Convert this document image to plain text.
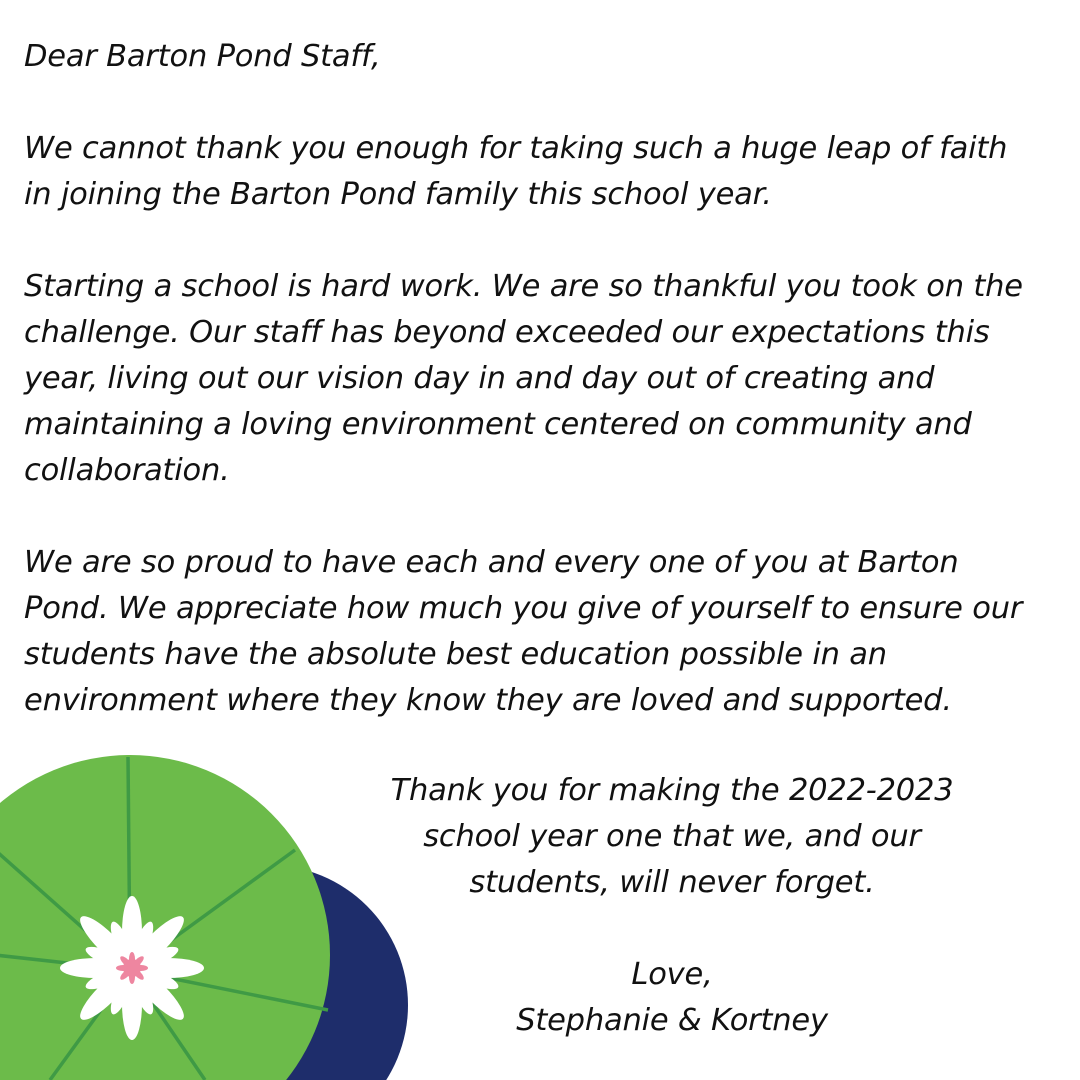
Dear Barton Pond Staff,

We cannot thank you enough for taking such a huge leap of faith
in joining the Barton Pond family this school year.

Starting a school is hard work. We are so thankful you took on the
challenge. Our staff has beyond exceeded our expectations this
year, living out our vision day in and day out of creating and
maintaining a loving environment centered on community and
collaboration.

We are so proud to have each and every one of you at Barton
Pond. We appreciate how much you give of yourself to ensure our
students have the absolute best education possible in an
environment where they know they are loved and supported.

Thank you for making the 2022-2023
school year one that we, and our
students, will never forget.
Love,
Stephanie & Kortney
